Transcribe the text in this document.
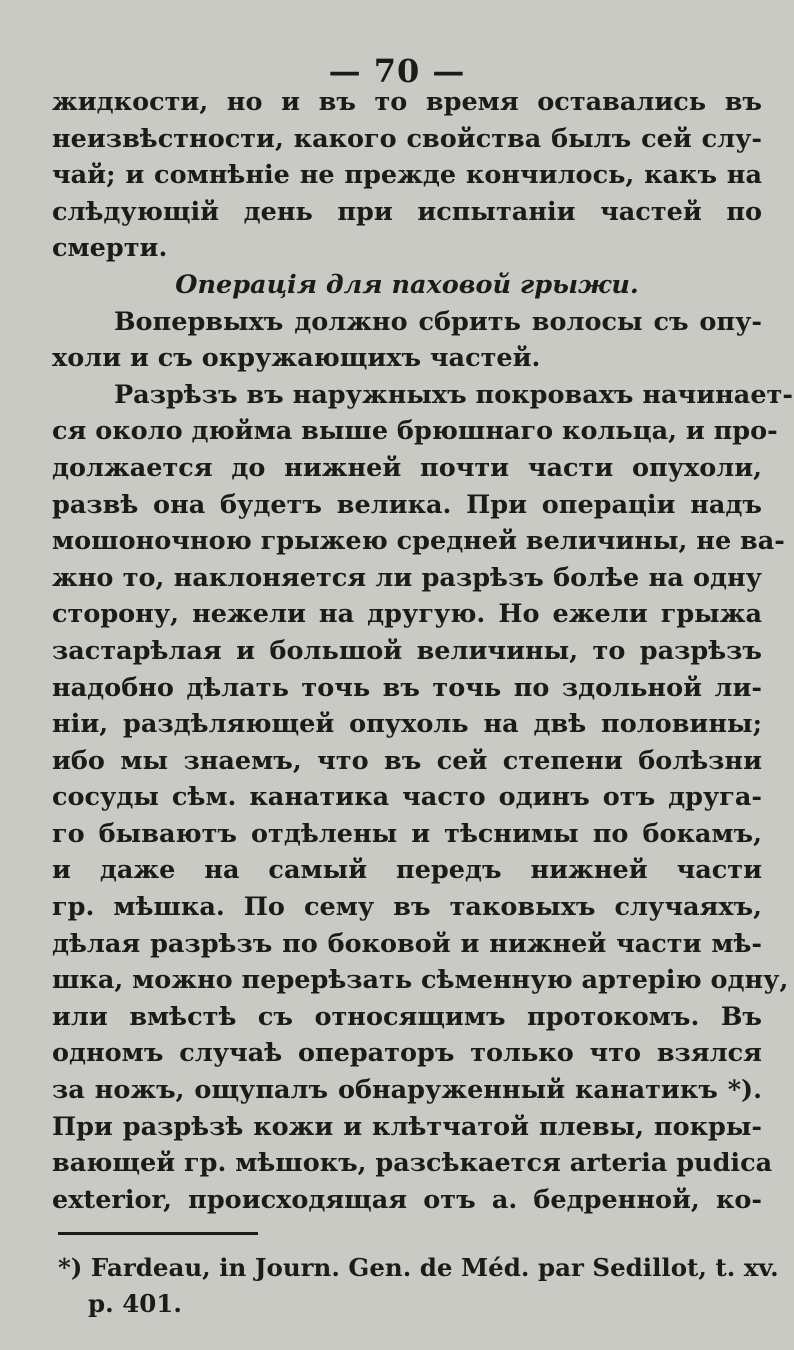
— 70 —
жидкости, но и въ то время оставались въ
неизвѣстности, какого свойства былъ сей слу-
чай; и сомнѣніе не прежде кончилось, какъ на
слѣдующій день при испытаніи частей по
смерти.
Операція для паховой грыжи.
Вопервыхъ должно сбрить волосы съ опу-
холи и съ окружающихъ частей.
Разрѣзъ въ наружныхъ покровахъ начинает-
ся около дюйма выше брюшнаго кольца, и про-
должается до нижней почти части опухоли,
развѣ она будетъ велика. При операціи надъ
мошоночною грыжею средней величины, не ва-
жно то, наклоняется ли разрѣзъ болѣе на одну
сторону, нежели на другую. Но ежели грыжа
застарѣлая и большой величины, то разрѣзъ
надобно дѣлать точь въ точь по здольной ли-
ніи, раздѣляющей опухоль на двѣ половины;
ибо мы знаемъ, что въ сей степени болѣзни
сосуды сѣм. канатика часто одинъ отъ друга-
го бываютъ отдѣлены и тѣснимы по бокамъ,
и даже на самый передъ нижней части
гр. мѣшка. По сему въ таковыхъ случаяхъ,
дѣлая разрѣзъ по боковой и нижней части мѣ-
шка, можно перерѣзать сѣменную артерію одну,
или вмѣстѣ съ относящимъ протокомъ. Въ
одномъ случаѣ операторъ только что взялся
за ножъ, ощупалъ обнаруженный канатикъ *).
При разрѣзѣ кожи и клѣтчатой плевы, покры-
вающей гр. мѣшокъ, разсѣкается arteria pudica
exterior, происходящая отъ а. бедренной, ко-
*) Fardeau, in Journ. Gen. de Méd. par Sedillot, t. xv.
p. 401.
